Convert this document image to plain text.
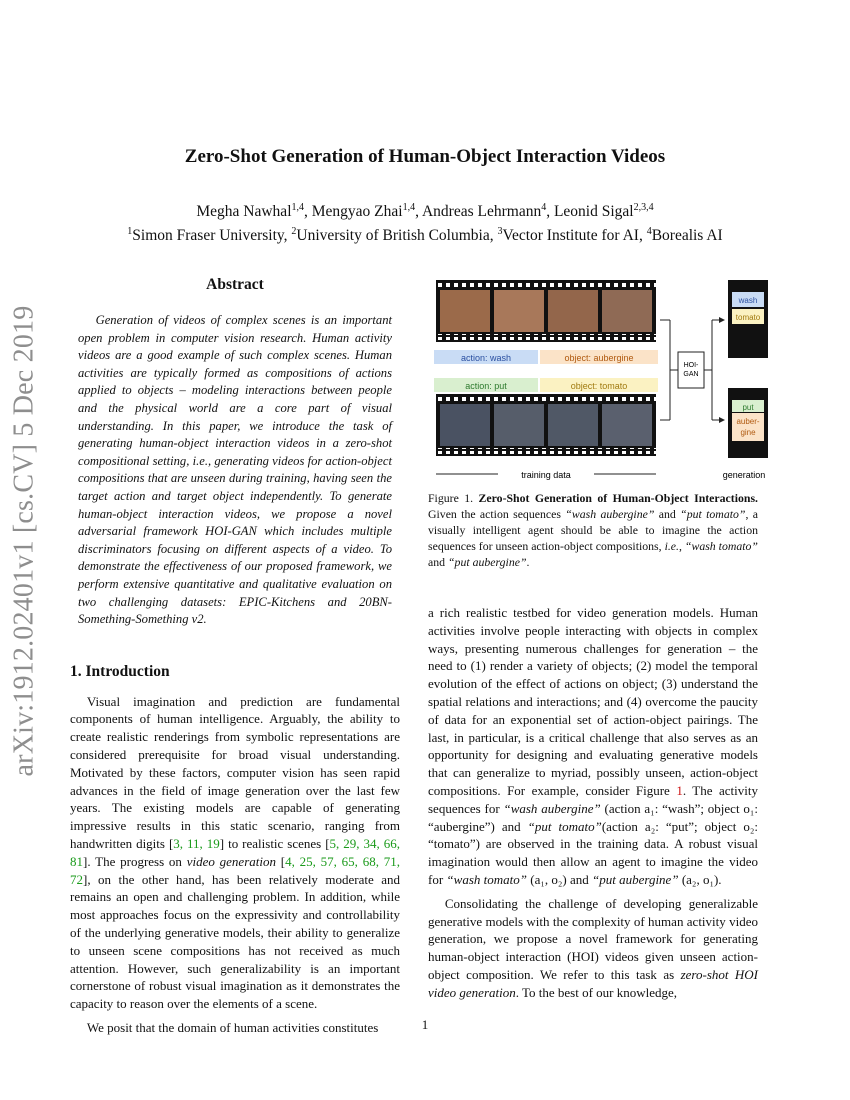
arXiv:1912.02401v1 [cs.CV] 5 Dec 2019
Zero-Shot Generation of Human-Object Interaction Videos
Megha Nawhal$^{1,4}$, Mengyao Zhai$^{1,4}$, Andreas Lehrmann$^4$, Leonid Sigal$^{2,3,4}$
$^1$Simon Fraser University, $^2$University of British Columbia, $^3$Vector Institute for AI, $^4$Borealis AI
Abstract

Generation of videos of complex scenes is an important open problem in computer vision research. Human activity videos are a good example of such complex scenes. Human activities are typically formed as compositions of actions applied to objects – modeling interactions between people and the physical world are a core part of visual understanding. In this paper, we introduce the task of generating human-object interaction videos in a zero-shot compositional setting, i.e., generating videos for action-object compositions that are unseen during training, having seen the target action and target object independently. To generate human-object interaction videos, we propose a novel adversarial framework HOI-GAN which includes multiple discriminators focusing on different aspects of a video. To demonstrate the effectiveness of our proposed framework, we perform extensive quantitative and qualitative evaluation on two challenging datasets: EPIC-Kitchens and 20BN-Something-Something v2.

1. Introduction

Visual imagination and prediction are fundamental components of human intelligence. Arguably, the ability to create realistic renderings from symbolic representations are considered prerequisite for broad visual understanding. Motivated by these factors, computer vision has seen rapid advances in the field of image generation over the last few years. The existing models are capable of generating impressive results in this static scenario, ranging from handwritten digits [3, 11, 19] to realistic scenes [5, 29, 34, 66, 81]. The progress on video generation [4, 25, 57, 65, 68, 71, 72], on the other hand, has been relatively moderate and remains an open and challenging problem. In addition, while most approaches focus on the expressivity and controllability of the underlying generative models, their ability to generalize to unseen scene compositions has not received as much attention. However, such generalizability is an important cornerstone of robust visual imagination as it demonstrates the capacity to reason over the elements of a scene.

We posit that the domain of human activities constitutes

action: wash	object: aubergine
action: put	object: tomato
HOI-
GAN
wash
tomato
put
auber-
gine
training data	generation

Figure 1. Zero-Shot Generation of Human-Object Interactions. Given the action sequences “wash aubergine” and “put tomato”, a visually intelligent agent should be able to imagine the action sequences for unseen action-object compositions, i.e., “wash tomato” and “put aubergine”.

a rich realistic testbed for video generation models. Human activities involve people interacting with objects in complex ways, presenting numerous challenges for generation – the need to (1) render a variety of objects; (2) model the temporal evolution of the effect of actions on object; (3) understand the spatial relations and interactions; and (4) overcome the paucity of data for an exponential set of action-object pairings. The last, in particular, is a critical challenge that also serves as an opportunity for designing and evaluating generative models that can generalize to myriad, possibly unseen, action-object compositions. For example, consider Figure 1. The activity sequences for “wash aubergine” (action a₁: “wash”; object o₁: “aubergine”) and “put tomato”(action a₂: “put”; object o₂: “tomato”) are observed in the training data. A robust visual imagination would then allow an agent to imagine the video for “wash tomato” (a₁, o₂) and “put aubergine” (a₂, o₁).

Consolidating the challenge of developing generalizable generative models with the complexity of human activity video generation, we propose a novel framework for generating human-object interaction (HOI) videos given unseen action-object composition. We refer to this task as zero-shot HOI video generation. To the best of our knowledge,

1
